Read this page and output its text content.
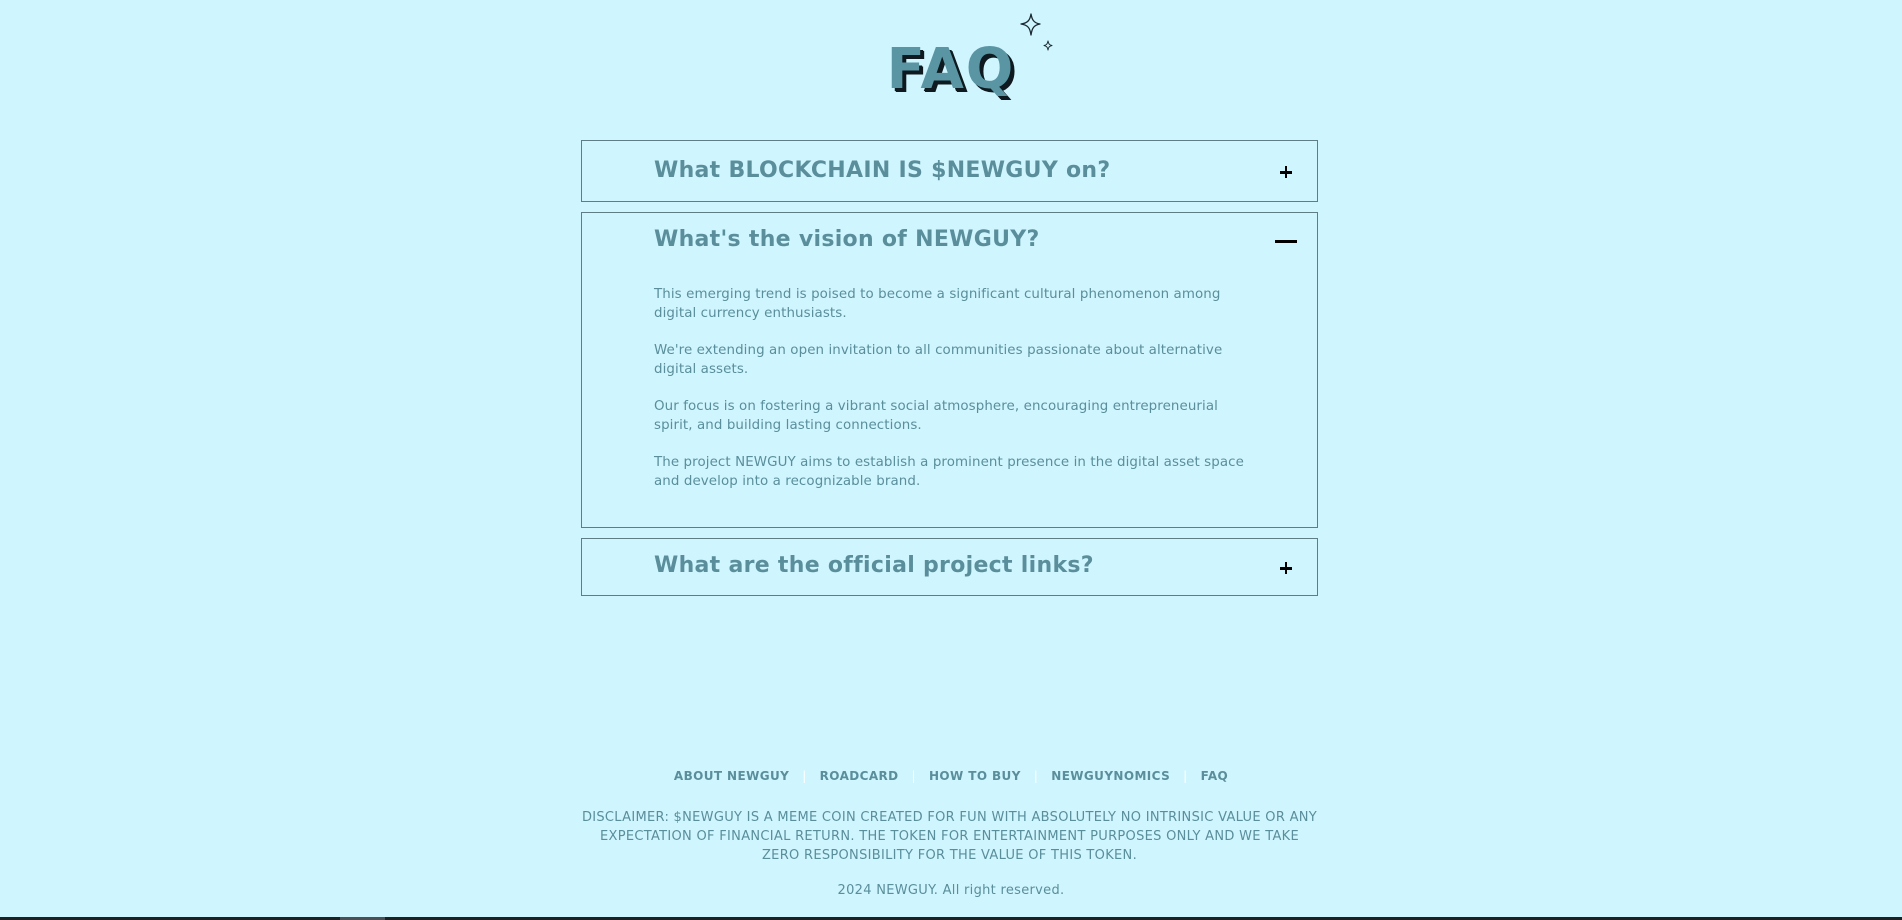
FAQ
What BLOCKCHAIN IS $NEWGUY on?
What's the vision of NEWGUY?

This emerging trend is poised to become a significant cultural phenomenon among digital currency enthusiasts.

We're extending an open invitation to all communities passionate about alternative digital assets.

Our focus is on fostering a vibrant social atmosphere, encouraging entrepreneurial spirit, and building lasting connections.

The project NEWGUY aims to establish a prominent presence in the digital asset space and develop into a recognizable brand.

What are the official project links?
ABOUT NEWGUY | ROADCARD | HOW TO BUY | NEWGUYNOMICS | FAQ
DISCLAIMER: $NEWGUY IS A MEME COIN CREATED FOR FUN WITH ABSOLUTELY NO INTRINSIC VALUE OR ANY EXPECTATION OF FINANCIAL RETURN. THE TOKEN FOR ENTERTAINMENT PURPOSES ONLY AND WE TAKE ZERO RESPONSIBILITY FOR THE VALUE OF THIS TOKEN.
2024 NEWGUY. All right reserved.
